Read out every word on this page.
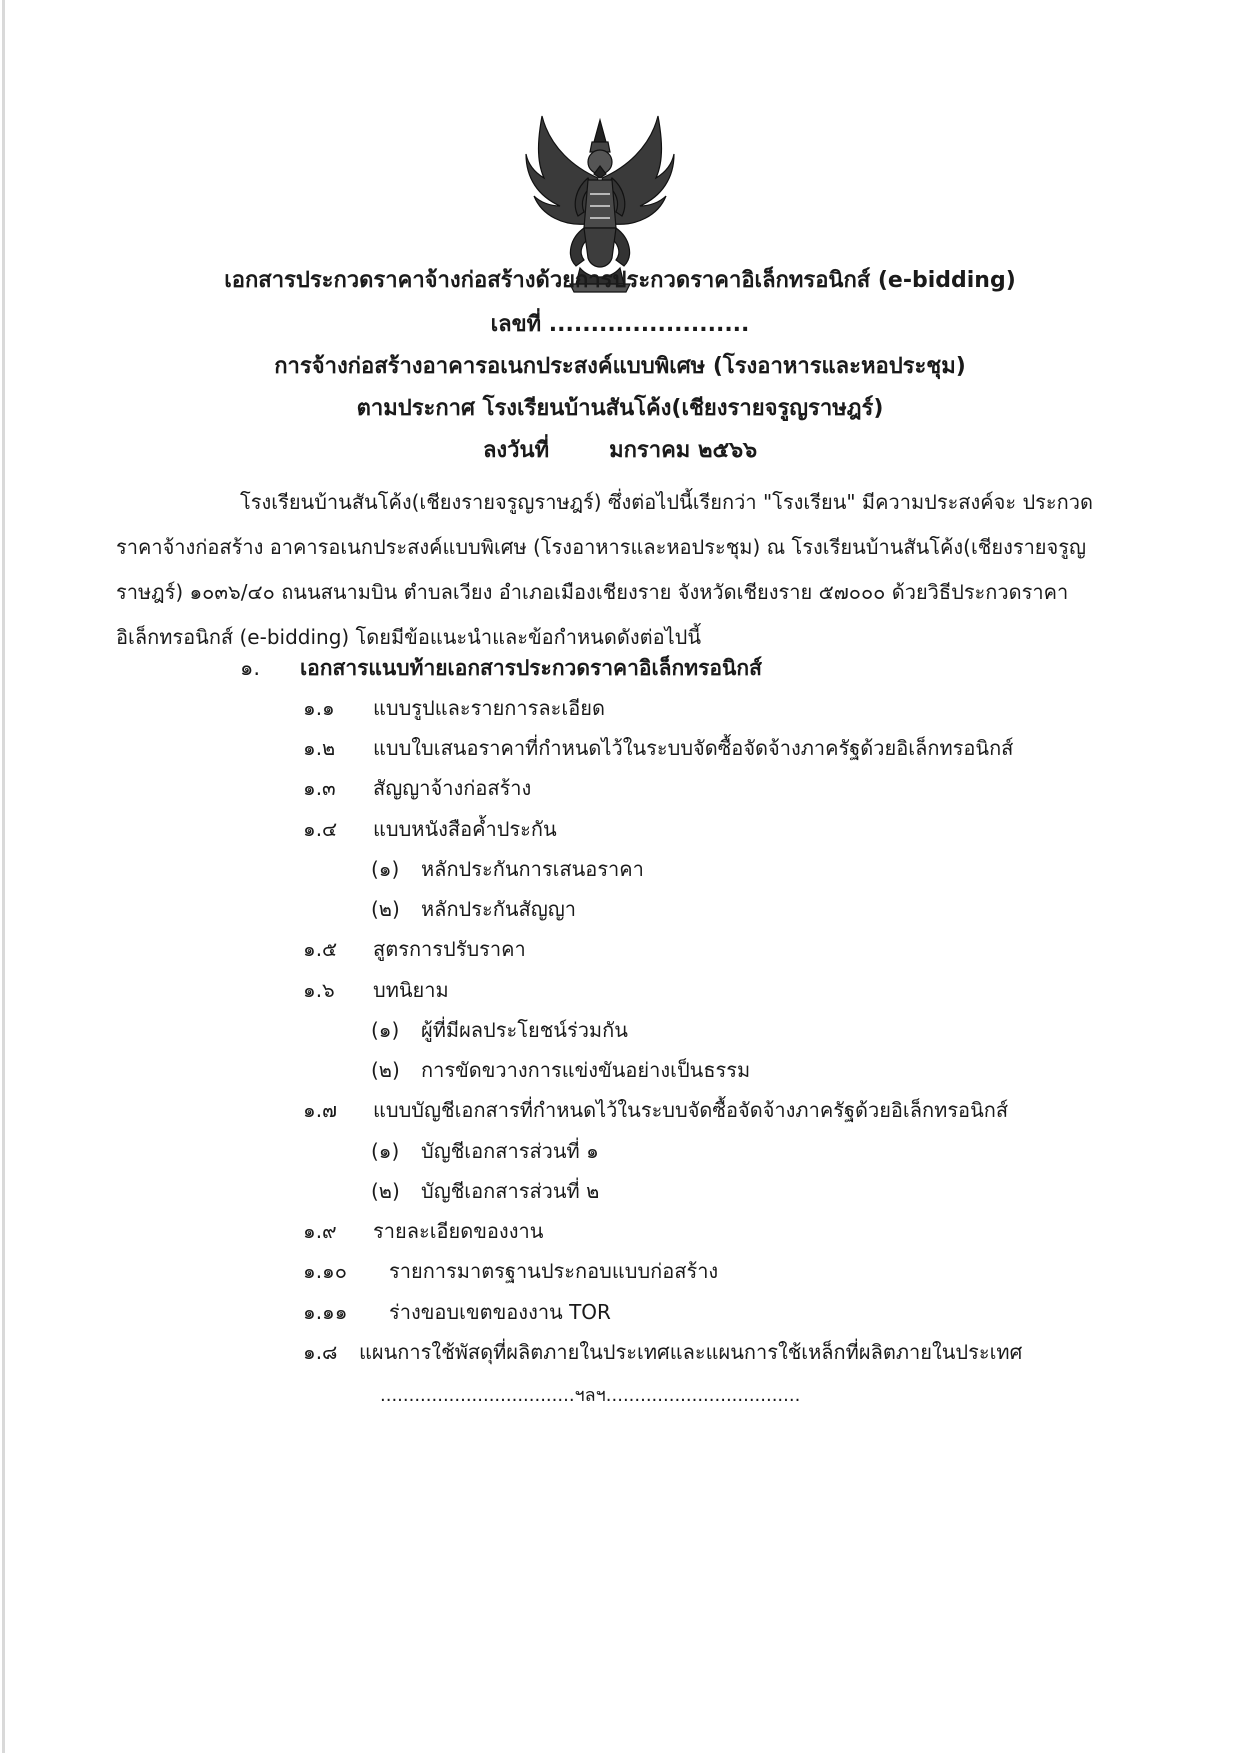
เอกสารประกวดราคาจ้างก่อสร้างด้วยการประกวดราคาอิเล็กทรอนิกส์ (e-bidding)
เลขที่ ........................
การจ้างก่อสร้างอาคารอเนกประสงค์แบบพิเศษ (โรงอาหารและหอประชุม)
ตามประกาศ โรงเรียนบ้านสันโค้ง(เชียงรายจรูญราษฎร์)
ลงวันที่	มกราคม ๒๕๖๖
โรงเรียนบ้านสันโค้ง(เชียงรายจรูญราษฎร์) ซึ่งต่อไปนี้เรียกว่า "โรงเรียน" มีความประสงค์จะ ประกวด
ราคาจ้างก่อสร้าง อาคารอเนกประสงค์แบบพิเศษ (โรงอาหารและหอประชุม) ณ โรงเรียนบ้านสันโค้ง(เชียงรายจรูญ
ราษฎร์) ๑๐๓๖/๔๐ ถนนสนามบิน ตำบลเวียง อำเภอเมืองเชียงราย จังหวัดเชียงราย ๕๗๐๐๐ ด้วยวิธีประกวดราคา
อิเล็กทรอนิกส์ (e-bidding) โดยมีข้อแนะนำและข้อกำหนดดังต่อไปนี้
๑. เอกสารแนบท้ายเอกสารประกวดราคาอิเล็กทรอนิกส์
๑.๑ แบบรูปและรายการละเอียด
๑.๒ แบบใบเสนอราคาที่กำหนดไว้ในระบบจัดซื้อจัดจ้างภาครัฐด้วยอิเล็กทรอนิกส์
๑.๓ สัญญาจ้างก่อสร้าง
๑.๔ แบบหนังสือค้ำประกัน
(๑) หลักประกันการเสนอราคา
(๒) หลักประกันสัญญา
๑.๕ สูตรการปรับราคา
๑.๖ บทนิยาม
(๑) ผู้ที่มีผลประโยชน์ร่วมกัน
(๒) การขัดขวางการแข่งขันอย่างเป็นธรรม
๑.๗ แบบบัญชีเอกสารที่กำหนดไว้ในระบบจัดซื้อจัดจ้างภาครัฐด้วยอิเล็กทรอนิกส์
(๑) บัญชีเอกสารส่วนที่ ๑
(๒) บัญชีเอกสารส่วนที่ ๒
๑.๙ รายละเอียดของงาน
๑.๑๐ รายการมาตรฐานประกอบแบบก่อสร้าง
๑.๑๑ ร่างขอบเขตของงาน TOR
๑.๘ แผนการใช้พัสดุที่ผลิตภายในประเทศและแผนการใช้เหล็กที่ผลิตภายในประเทศ
..................................ฯลฯ..................................
